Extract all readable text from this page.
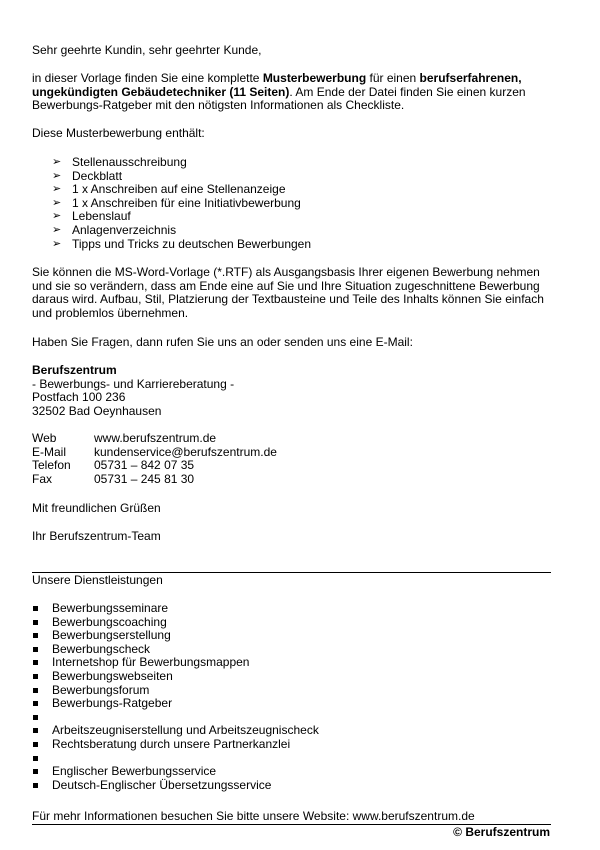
Sehr geehrte Kundin, sehr geehrter Kunde,

in dieser Vorlage finden Sie eine komplette Musterbewerbung für einen berufserfahrenen,

ungekündigten Gebäudetechniker (11 Seiten). Am Ende der Datei finden Sie einen kurzen

Bewerbungs-Ratgeber mit den nötigsten Informationen als Checkliste.

Diese Musterbewerbung enthält:

➢ Stellenausschreibung
➢ Deckblatt
➢ 1 x Anschreiben auf eine Stellenanzeige
➢ 1 x Anschreiben für eine Initiativbewerbung
➢ Lebenslauf
➢ Anlagenverzeichnis
➢ Tipps und Tricks zu deutschen Bewerbungen

Sie können die MS-Word-Vorlage (*.RTF) als Ausgangsbasis Ihrer eigenen Bewerbung nehmen

und sie so verändern, dass am Ende eine auf Sie und Ihre Situation zugeschnittene Bewerbung

daraus wird. Aufbau, Stil, Platzierung der Textbausteine und Teile des Inhalts können Sie einfach

und problemlos übernehmen.

Haben Sie Fragen, dann rufen Sie uns an oder senden uns eine E-Mail:

Berufszentrum

- Bewerbungs- und Karriereberatung -

Postfach 100 236

32502 Bad Oeynhausen

Web	www.berufszentrum.de
E-Mail	kundenservice@berufszentrum.de
Telefon	05731 – 842 07 35
Fax	05731 – 245 81 30

Mit freundlichen Grüßen

Ihr Berufszentrum-Team

Unsere Dienstleistungen

Bewerbungsseminare
Bewerbungscoaching
Bewerbungserstellung
Bewerbungscheck
Internetshop für Bewerbungsmappen
Bewerbungswebseiten
Bewerbungsforum
Bewerbungs-Ratgeber
Arbeitszeugniserstellung und Arbeitszeugnischeck
Rechtsberatung durch unsere Partnerkanzlei
Englischer Bewerbungsservice
Deutsch-Englischer Übersetzungsservice

Für mehr Informationen besuchen Sie bitte unsere Website: www.berufszentrum.de

© Berufszentrum
